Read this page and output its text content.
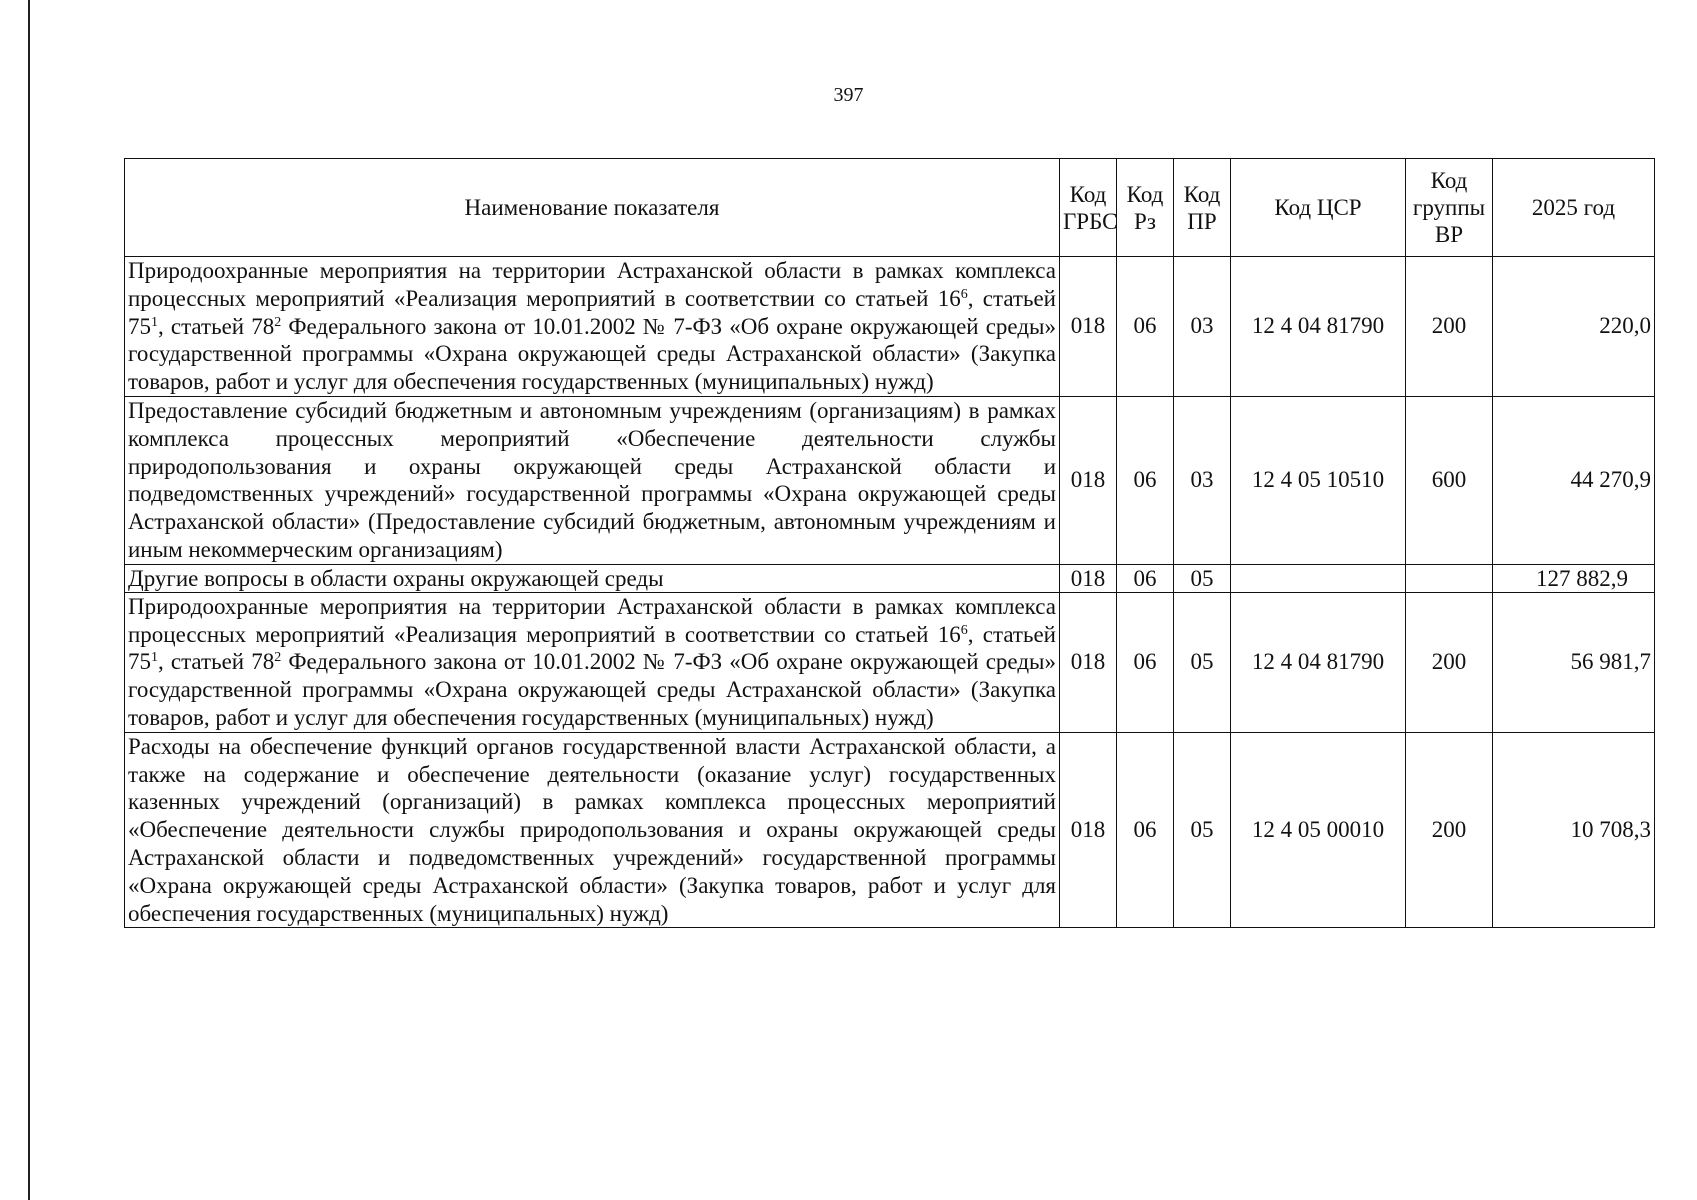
397
Наименование показателя	Код ГРБС	Код Рз	Код ПР	Код ЦСР	Код группы ВР	2025 год
Природоохранные мероприятия на территории Астраханской области в рамках комплекса процессных мероприятий «Реализация мероприятий в соответствии со статьей $16^6$, статьей $75^1$, статьей $78^2$ Федерального закона от 10.01.2002 № 7-ФЗ «Об охране окружающей среды» государственной программы «Охрана окружающей среды Астраханской области» (Закупка товаров, работ и услуг для обеспечения государственных (муниципальных) нужд)	018	06	03	12 4 04 81790	200	220,0
Предоставление субсидий бюджетным и автономным учреждениям (организациям) в рамках комплекса процессных мероприятий «Обеспечение деятельности службы природопользования и охраны окружающей среды Астраханской области и подведомственных учреждений» государственной программы «Охрана окружающей среды Астраханской области» (Предоставление субсидий бюджетным, автономным учреждениям и иным некоммерческим организациям)	018	06	03	12 4 05 10510	600	44 270,9
Другие вопросы в области охраны окружающей среды	018	06	05			127 882,9
Природоохранные мероприятия на территории Астраханской области в рамках комплекса процессных мероприятий «Реализация мероприятий в соответствии со статьей $16^6$, статьей $75^1$, статьей $78^2$ Федерального закона от 10.01.2002 № 7-ФЗ «Об охране окружающей среды» государственной программы «Охрана окружающей среды Астраханской области» (Закупка товаров, работ и услуг для обеспечения государственных (муниципальных) нужд)	018	06	05	12 4 04 81790	200	56 981,7
Расходы на обеспечение функций органов государственной власти Астраханской области, а также на содержание и обеспечение деятельности (оказание услуг) государственных казенных учреждений (организаций) в рамках комплекса процессных мероприятий «Обеспечение деятельности службы природопользования и охраны окружающей среды Астраханской области и подведомственных учреждений» государственной программы «Охрана окружающей среды Астраханской области» (Закупка товаров, работ и услуг для обеспечения государственных (муниципальных) нужд)	018	06	05	12 4 05 00010	200	10 708,3
